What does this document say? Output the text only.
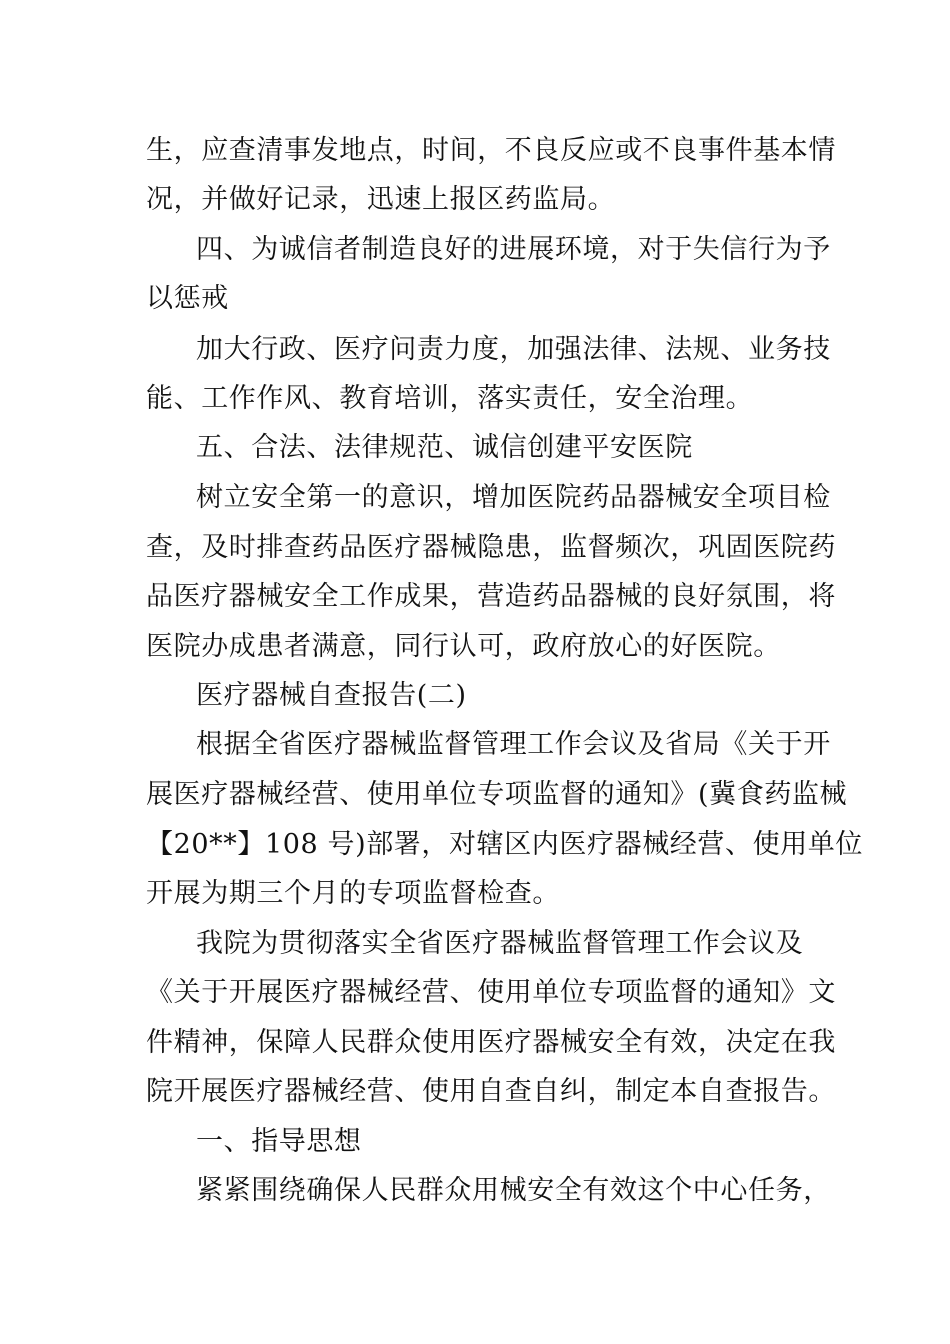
生，应查清事发地点，时间，不良反应或不良事件基本情
况，并做好记录，迅速上报区药监局。
四、为诚信者制造良好的进展环境，对于失信行为予
以惩戒
加大行政、医疗问责力度，加强法律、法规、业务技
能、工作作风、教育培训，落实责任，安全治理。
五、合法、法律规范、诚信创建平安医院
树立安全第一的意识，增加医院药品器械安全项目检
查，及时排查药品医疗器械隐患，监督频次，巩固医院药
品医疗器械安全工作成果，营造药品器械的良好氛围，将
医院办成患者满意，同行认可，政府放心的好医院。
医疗器械自查报告(二)
根据全省医疗器械监督管理工作会议及省局《关于开
展医疗器械经营、使用单位专项监督的通知》(冀食药监械
【20**】108 号)部署，对辖区内医疗器械经营、使用单位
开展为期三个月的专项监督检查。
我院为贯彻落实全省医疗器械监督管理工作会议及
《关于开展医疗器械经营、使用单位专项监督的通知》文
件精神，保障人民群众使用医疗器械安全有效，决定在我
院开展医疗器械经营、使用自查自纠，制定本自查报告。
一、指导思想
紧紧围绕确保人民群众用械安全有效这个中心任务，
